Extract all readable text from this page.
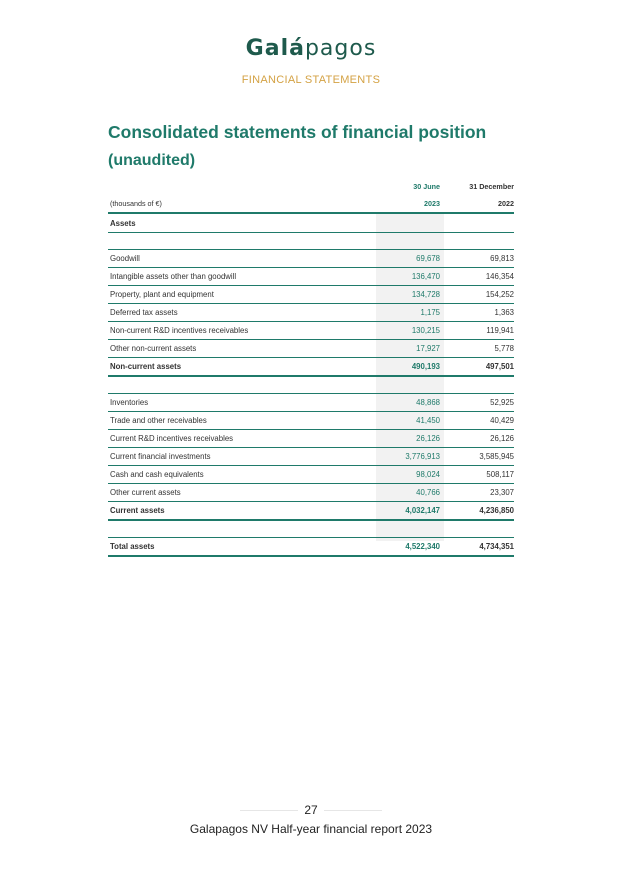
Galápagos
FINANCIAL STATEMENTS
Consolidated statements of financial position
(unaudited)
	30 June	31 December
(thousands of €)	2023	2022
Assets		

Goodwill	69,678	69,813
Intangible assets other than goodwill	136,470	146,354
Property, plant and equipment	134,728	154,252
Deferred tax assets	1,175	1,363
Non-current R&D incentives receivables	130,215	119,941
Other non-current assets	17,927	5,778
Non-current assets	490,193	497,501

Inventories	48,868	52,925
Trade and other receivables	41,450	40,429
Current R&D incentives receivables	26,126	26,126
Current financial investments	3,776,913	3,585,945
Cash and cash equivalents	98,024	508,117
Other current assets	40,766	23,307
Current assets	4,032,147	4,236,850

Total assets	4,522,340	4,734,351
27
Galapagos NV Half-year financial report 2023
